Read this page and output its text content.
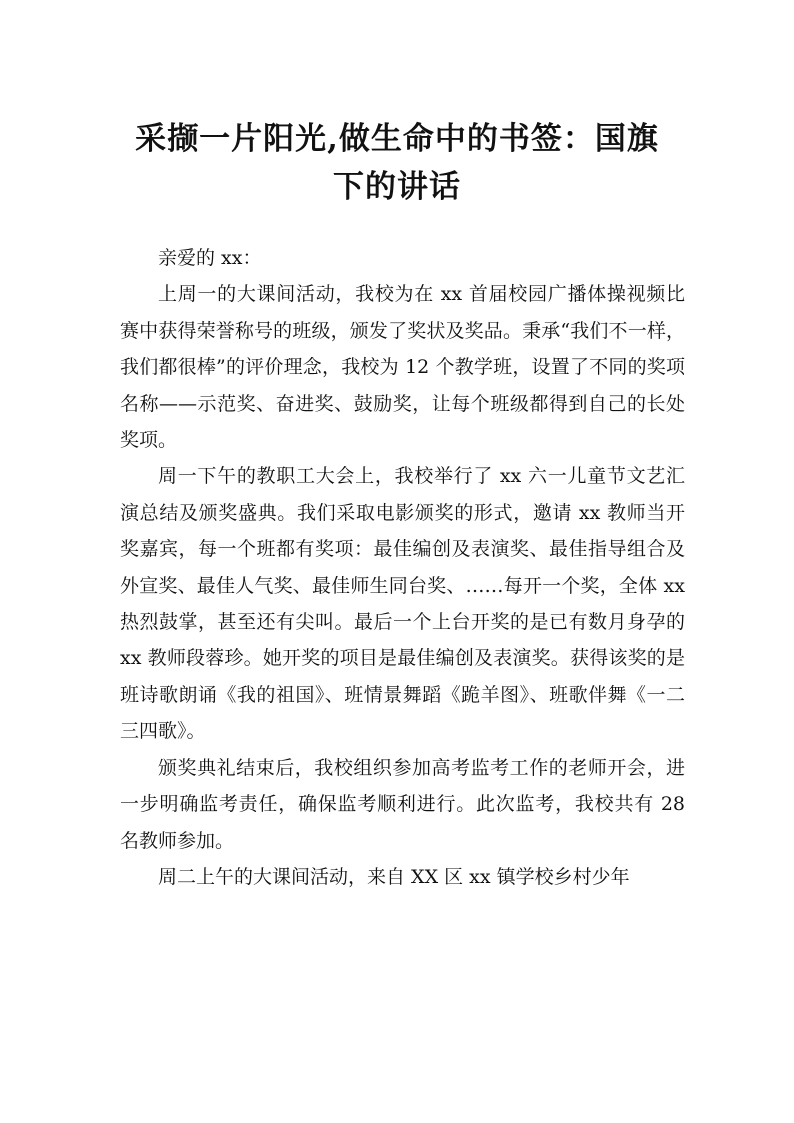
采撷一片阳光,做生命中的书签：国旗
下的讲话

亲爱的 xx：

上周一的大课间活动，我校为在 xx 首届校园广播体操视频比赛中获得荣誉称号的班级，颁发了奖状及奖品。秉承“我们不一样，我们都很棒”的评价理念，我校为 12 个教学班，设置了不同的奖项名称——示范奖、奋进奖、鼓励奖，让每个班级都得到自己的长处奖项。

周一下午的教职工大会上，我校举行了 xx 六一儿童节文艺汇演总结及颁奖盛典。我们采取电影颁奖的形式，邀请 xx 教师当开奖嘉宾，每一个班都有奖项：最佳编创及表演奖、最佳指导组合及外宣奖、最佳人气奖、最佳师生同台奖、……每开一个奖，全体 xx 热烈鼓掌，甚至还有尖叫。最后一个上台开奖的是已有数月身孕的 xx 教师段蓉珍。她开奖的项目是最佳编创及表演奖。获得该奖的是班诗歌朗诵《我的祖国》、班情景舞蹈《跪羊图》、班歌伴舞《一二三四歌》。

颁奖典礼结束后，我校组织参加高考监考工作的老师开会，进一步明确监考责任，确保监考顺利进行。此次监考，我校共有 28 名教师参加。

周二上午的大课间活动，来自 XX 区 xx 镇学校乡村少年
